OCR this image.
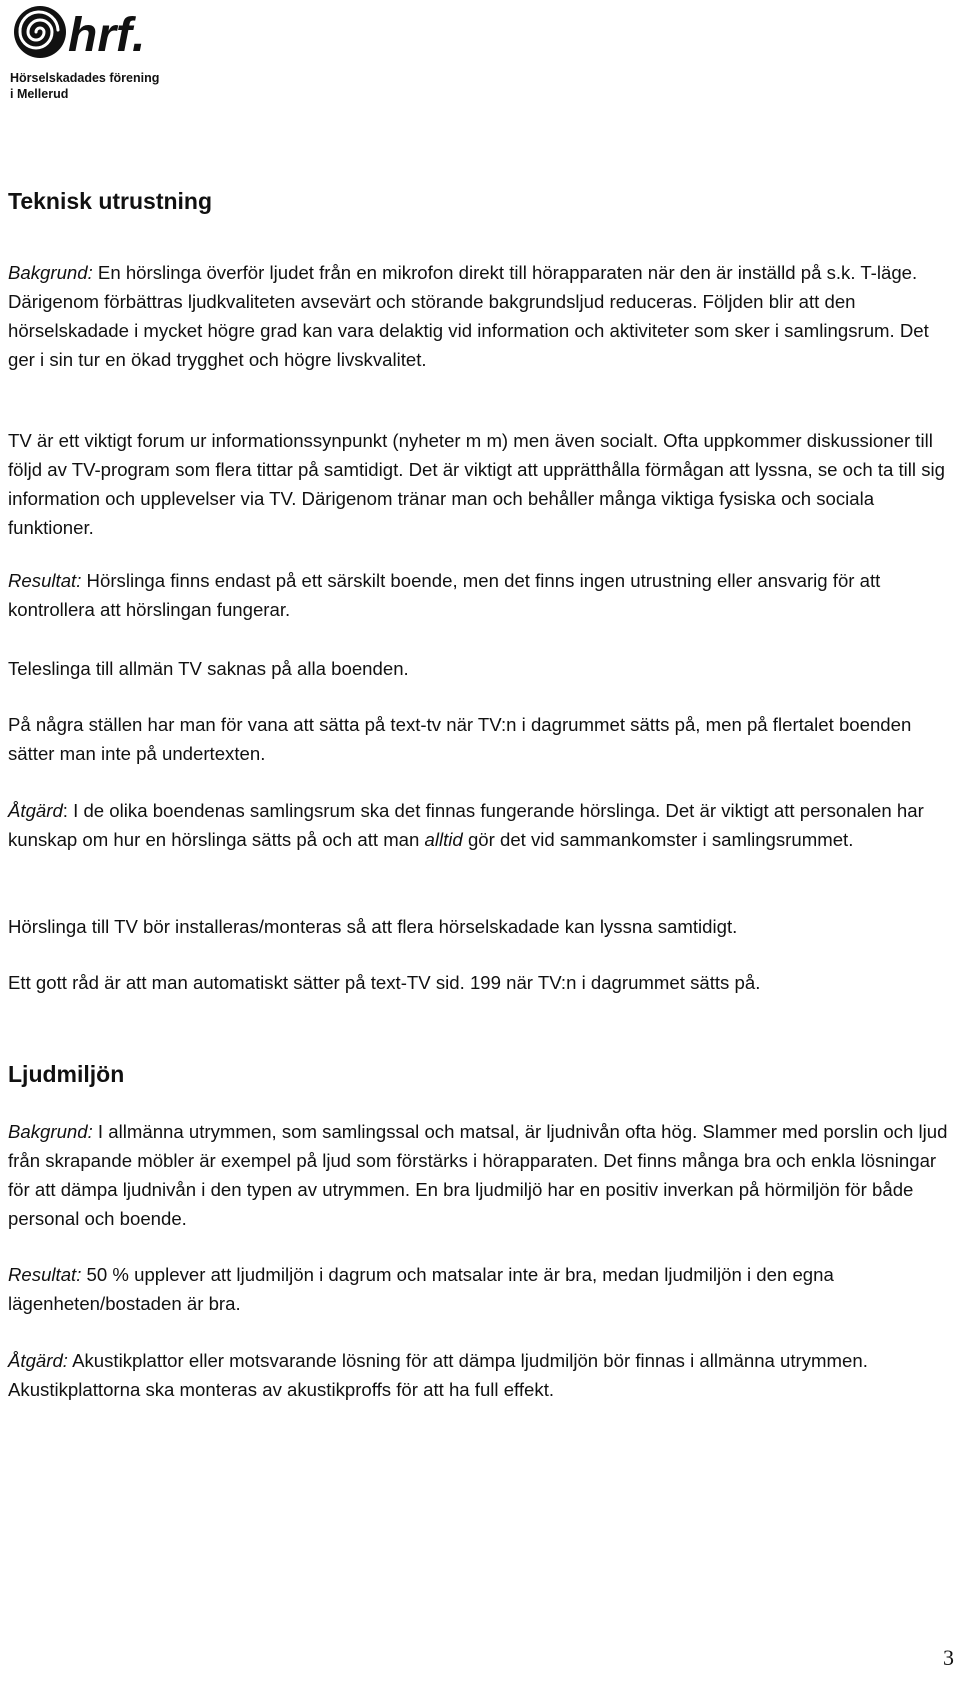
hrf.
Hörselskadades förening
i Mellerud
Teknisk utrustning

Bakgrund: En hörslinga överför ljudet från en mikrofon direkt till hörapparaten när den är inställd på s.k. T-läge. Därigenom förbättras ljudkvaliteten avsevärt och störande bakgrundsljud reduceras. Följden blir att den hörselskadade i mycket högre grad kan vara delaktig vid information och aktiviteter som sker i samlingsrum. Det ger i sin tur en ökad trygghet och högre livskvalitet.

TV är ett viktigt forum ur informationssynpunkt (nyheter m m) men även socialt. Ofta uppkommer diskussioner till följd av TV-program som flera tittar på samtidigt. Det är viktigt att upprätthålla förmågan att lyssna, se och ta till sig information och upplevelser via TV. Därigenom tränar man och behåller många viktiga fysiska och sociala funktioner.

Resultat: Hörslinga finns endast på ett särskilt boende, men det finns ingen utrustning eller ansvarig för att kontrollera att hörslingan fungerar.

Teleslinga till allmän TV saknas på alla boenden.

På några ställen har man för vana att sätta på text-tv när TV:n i dagrummet sätts på, men på flertalet boenden sätter man inte på undertexten.

Åtgärd: I de olika boendenas samlingsrum ska det finnas fungerande hörslinga. Det är viktigt att personalen har kunskap om hur en hörslinga sätts på och att man alltid gör det vid sammankomster i samlingsrummet.

Hörslinga till TV bör installeras/monteras så att flera hörselskadade kan lyssna samtidigt.

Ett gott råd är att man automatiskt sätter på text-TV sid. 199 när TV:n i dagrummet sätts på.

Ljudmiljön

Bakgrund: I allmänna utrymmen, som samlingssal och matsal, är ljudnivån ofta hög. Slammer med porslin och ljud från skrapande möbler är exempel på ljud som förstärks i hörapparaten. Det finns många bra och enkla lösningar för att dämpa ljudnivån i den typen av utrymmen. En bra ljudmiljö har en positiv inverkan på hörmiljön för både personal och boende.

Resultat: 50 % upplever att ljudmiljön i dagrum och matsalar inte är bra, medan ljudmiljön i den egna lägenheten/bostaden är bra.

Åtgärd: Akustikplattor eller motsvarande lösning för att dämpa ljudmiljön bör finnas i allmänna utrymmen. Akustikplattorna ska monteras av akustikproffs för att ha full effekt.

3
